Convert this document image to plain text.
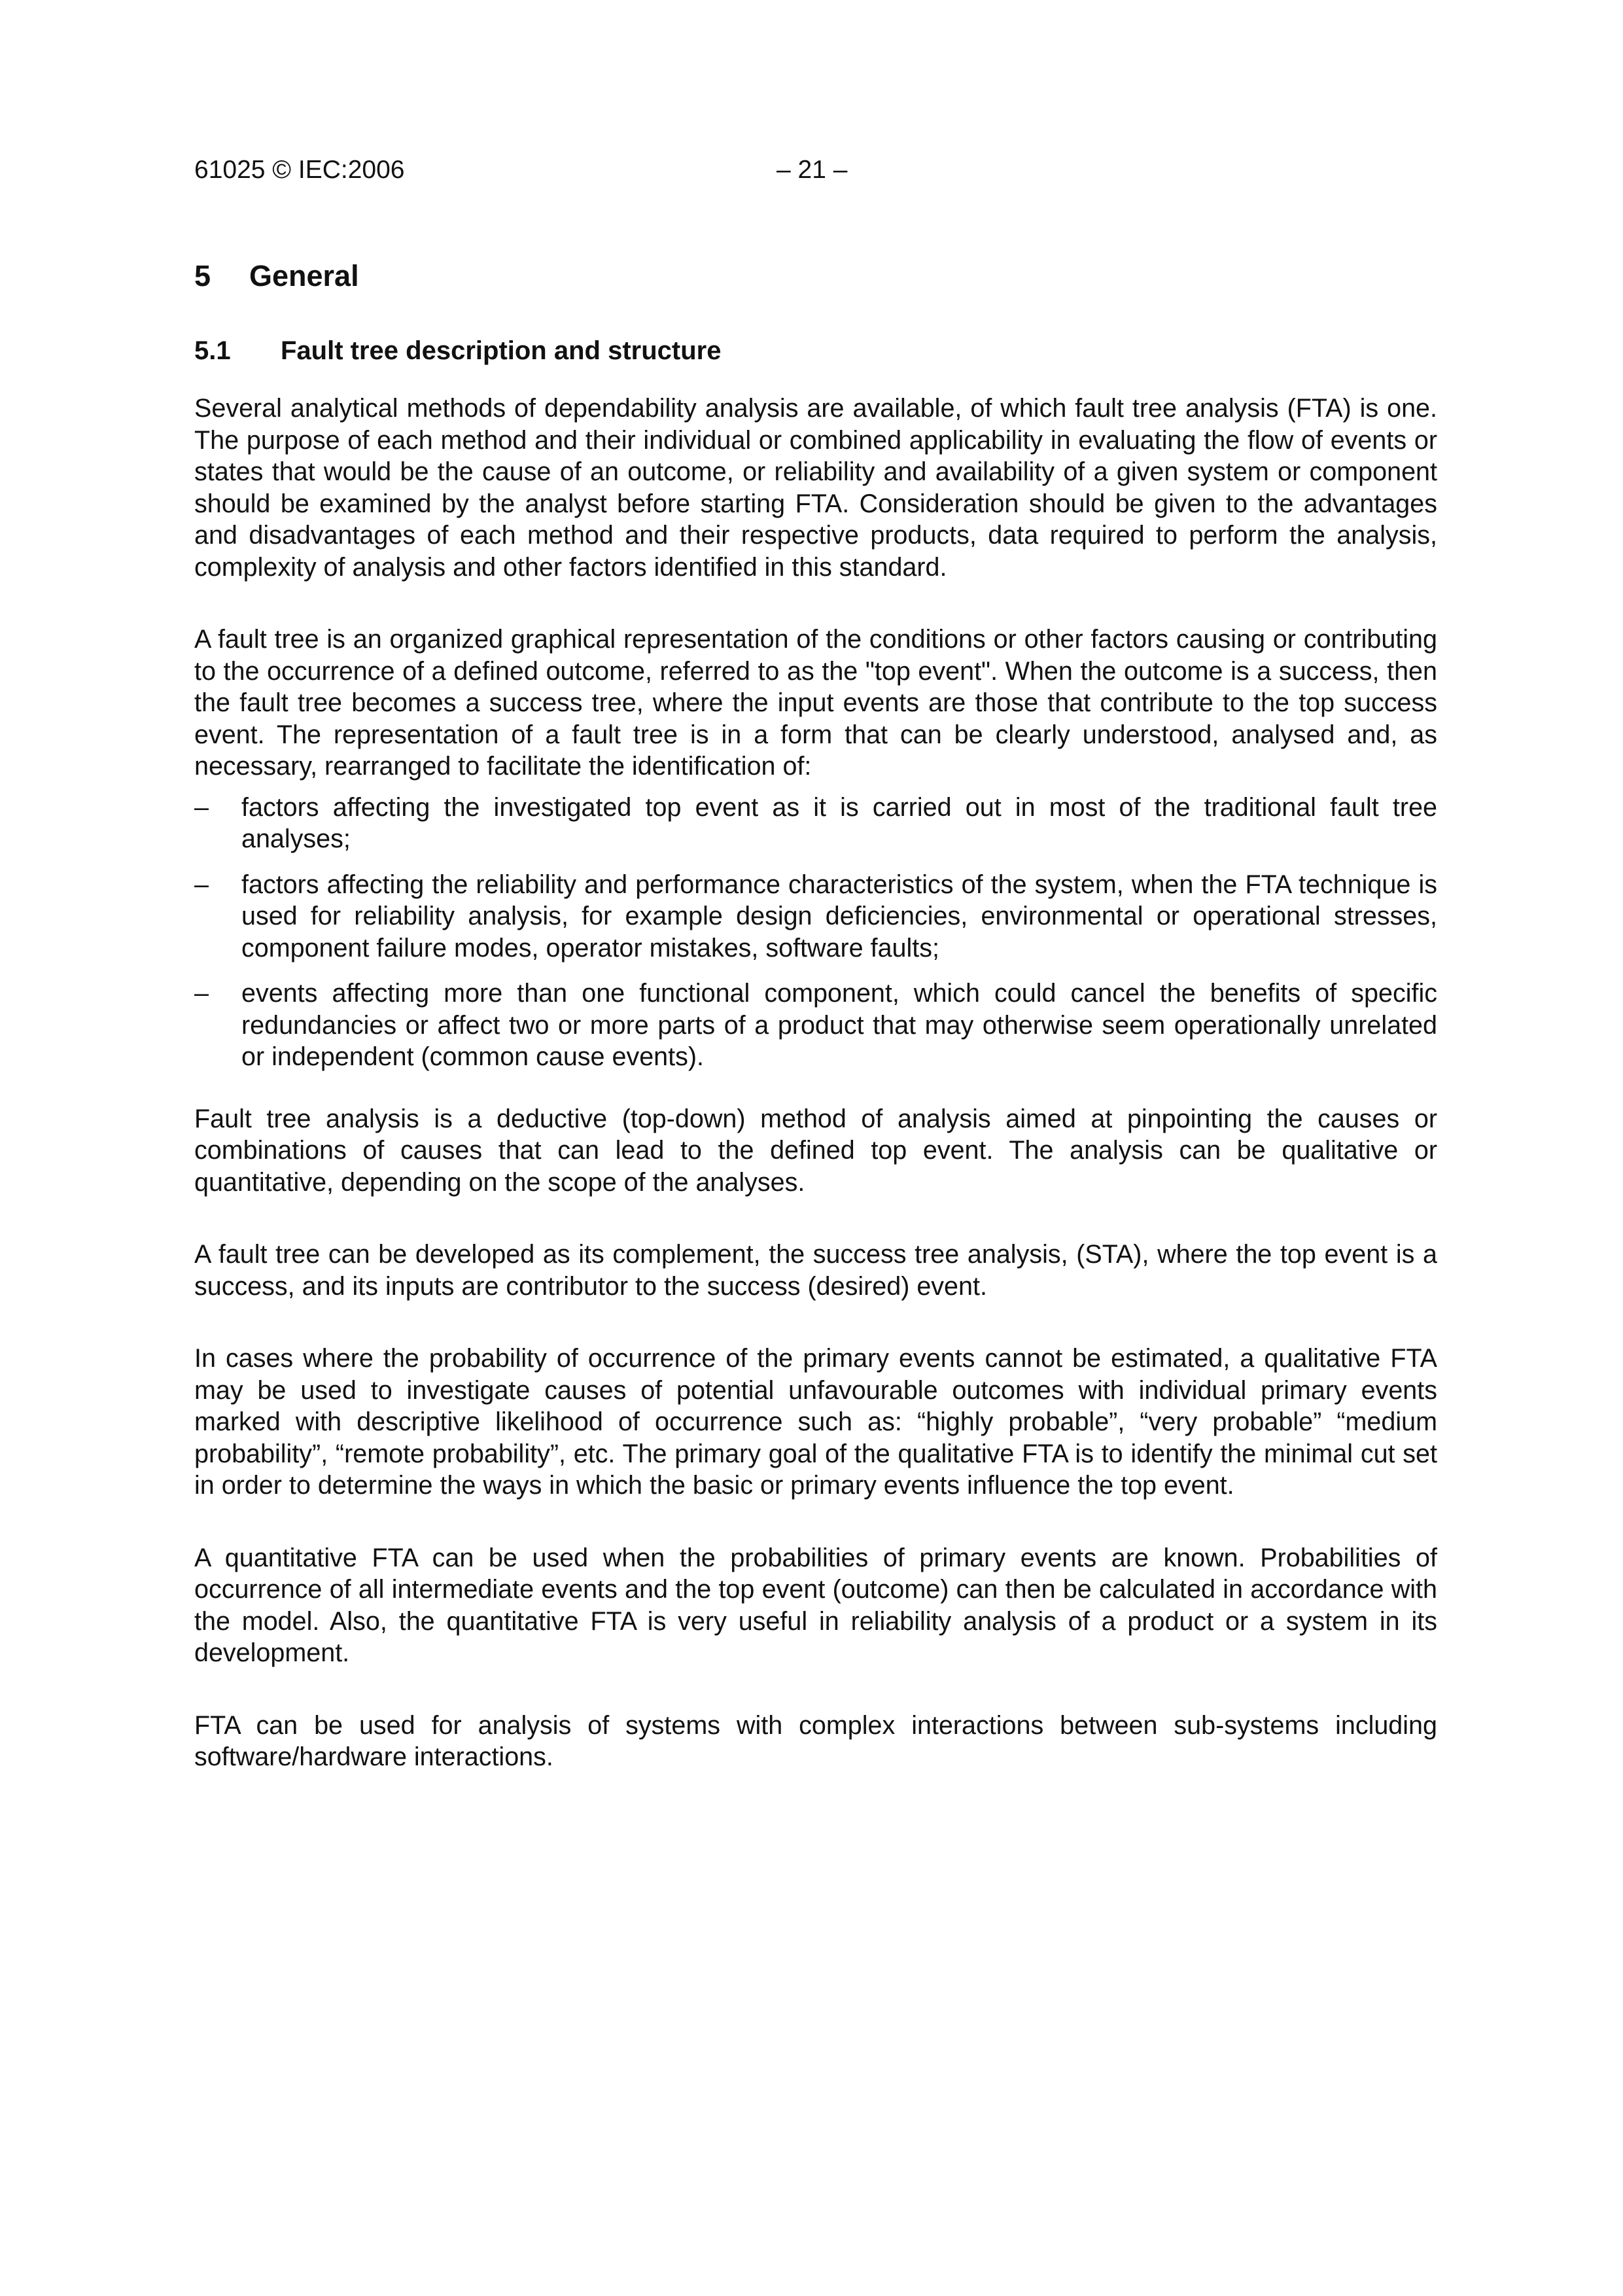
61025 © IEC:2006	– 21 –
5 General
5.1 Fault tree description and structure

Several analytical methods of dependability analysis are available, of which fault tree analysis (FTA) is one. The purpose of each method and their individual or combined applicability in evaluating the flow of events or states that would be the cause of an outcome, or reliability and availability of a given system or component should be examined by the analyst before starting FTA. Consideration should be given to the advantages and disadvantages of each method and their respective products, data required to perform the analysis, complexity of analysis and other factors identified in this standard.

A fault tree is an organized graphical representation of the conditions or other factors causing or contributing to the occurrence of a defined outcome, referred to as the "top event". When the outcome is a success, then the fault tree becomes a success tree, where the input events are those that contribute to the top success event. The representation of a fault tree is in a form that can be clearly understood, analysed and, as necessary, rearranged to facilitate the identification of:

– factors affecting the investigated top event as it is carried out in most of the traditional fault tree analyses;
– factors affecting the reliability and performance characteristics of the system, when the FTA technique is used for reliability analysis, for example design deficiencies, environmental or operational stresses, component failure modes, operator mistakes, software faults;
– events affecting more than one functional component, which could cancel the benefits of specific redundancies or affect two or more parts of a product that may otherwise seem operationally unrelated or independent (common cause events).

Fault tree analysis is a deductive (top-down) method of analysis aimed at pinpointing the causes or combinations of causes that can lead to the defined top event. The analysis can be qualitative or quantitative, depending on the scope of the analyses.

A fault tree can be developed as its complement, the success tree analysis, (STA), where the top event is a success, and its inputs are contributor to the success (desired) event.

In cases where the probability of occurrence of the primary events cannot be estimated, a qualitative FTA may be used to investigate causes of potential unfavourable outcomes with individual primary events marked with descriptive likelihood of occurrence such as: “highly probable”, “very probable” “medium probability”, “remote probability”, etc. The primary goal of the qualitative FTA is to identify the minimal cut set in order to determine the ways in which the basic or primary events influence the top event.

A quantitative FTA can be used when the probabilities of primary events are known. Probabilities of occurrence of all intermediate events and the top event (outcome) can then be calculated in accordance with the model. Also, the quantitative FTA is very useful in reliability analysis of a product or a system in its development.

FTA can be used for analysis of systems with complex interactions between sub-systems including software/hardware interactions.
